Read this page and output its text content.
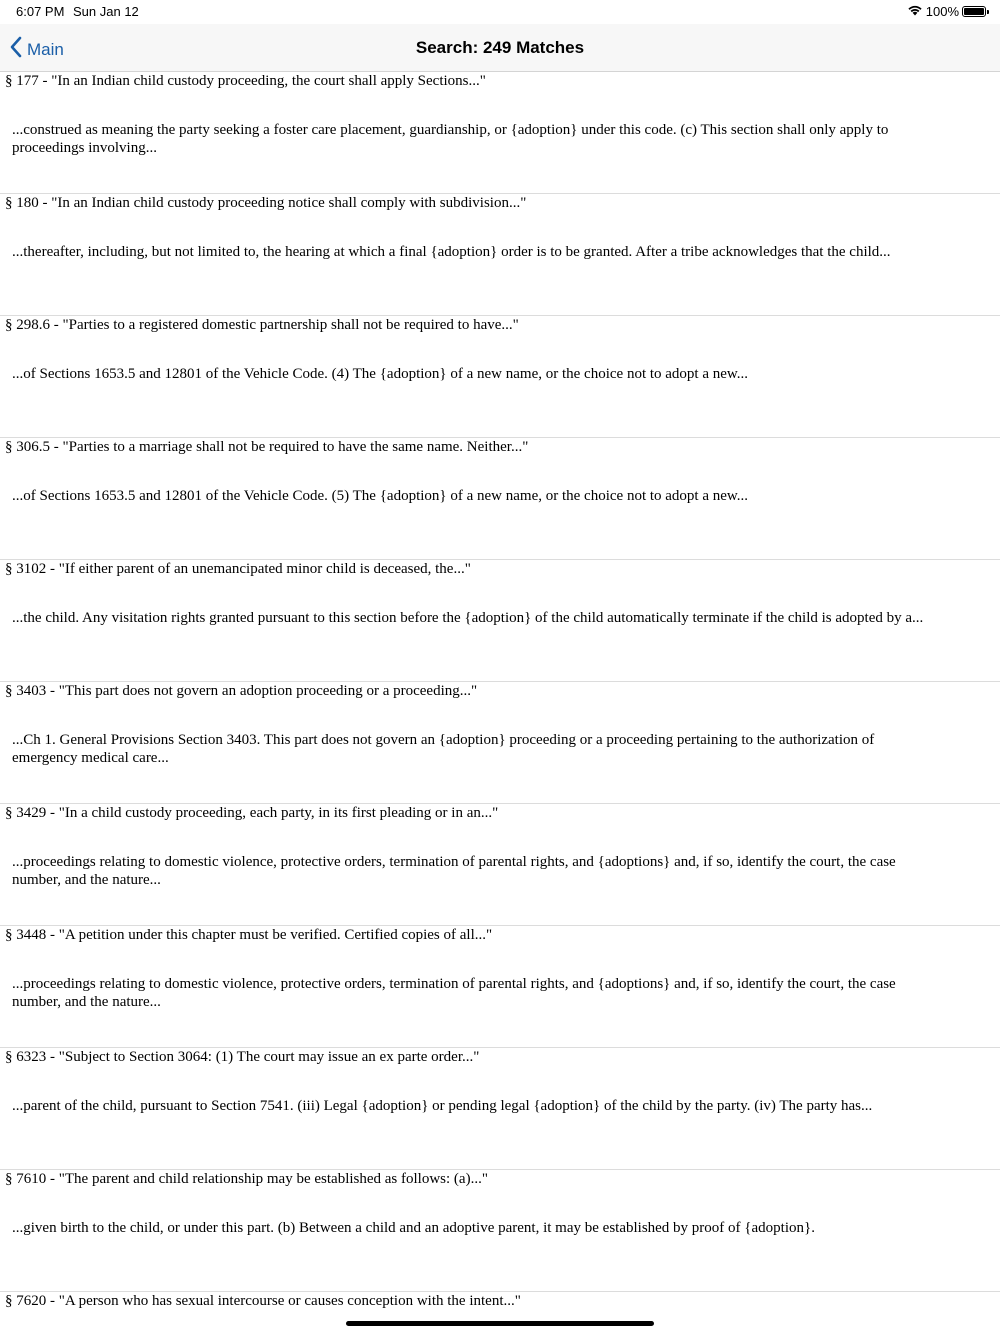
6:07 PM Sun Jan 12	100%
Main	Search: 249 Matches
§ 177 - "In an Indian child custody proceeding, the court shall apply Sections..."
...construed as meaning the party seeking a foster care placement, guardianship, or {adoption} under this code. (c) This section shall only apply to proceedings involving...
§ 180 - "In an Indian child custody proceeding notice shall comply with subdivision..."
...thereafter, including, but not limited to, the hearing at which a final {adoption} order is to be granted. After a tribe acknowledges that the child...
§ 298.6 - "Parties to a registered domestic partnership shall not be required to have..."
...of Sections 1653.5 and 12801 of the Vehicle Code. (4) The {adoption} of a new name, or the choice not to adopt a new...
§ 306.5 - "Parties to a marriage shall not be required to have the same name. Neither..."
...of Sections 1653.5 and 12801 of the Vehicle Code. (5) The {adoption} of a new name, or the choice not to adopt a new...
§ 3102 - "If either parent of an unemancipated minor child is deceased, the..."
...the child. Any visitation rights granted pursuant to this section before the {adoption} of the child automatically terminate if the child is adopted by a...
§ 3403 - "This part does not govern an adoption proceeding or a proceeding..."
...Ch 1. General Provisions Section 3403. This part does not govern an {adoption} proceeding or a proceeding pertaining to the authorization of emergency medical care...
§ 3429 - "In a child custody proceeding, each party, in its first pleading or in an..."
...proceedings relating to domestic violence, protective orders, termination of parental rights, and {adoptions} and, if so, identify the court, the case number, and the nature...
§ 3448 - "A petition under this chapter must be verified. Certified copies of all..."
...proceedings relating to domestic violence, protective orders, termination of parental rights, and {adoptions} and, if so, identify the court, the case number, and the nature...
§ 6323 - "Subject to Section 3064: (1) The court may issue an ex parte order..."
...parent of the child, pursuant to Section 7541. (iii) Legal {adoption} or pending legal {adoption} of the child by the party. (iv) The party has...
§ 7610 - "The parent and child relationship may be established as follows: (a)..."
...given birth to the child, or under this part. (b) Between a child and an adoptive parent, it may be established by proof of {adoption}.
§ 7620 - "A person who has sexual intercourse or causes conception with the intent..."
